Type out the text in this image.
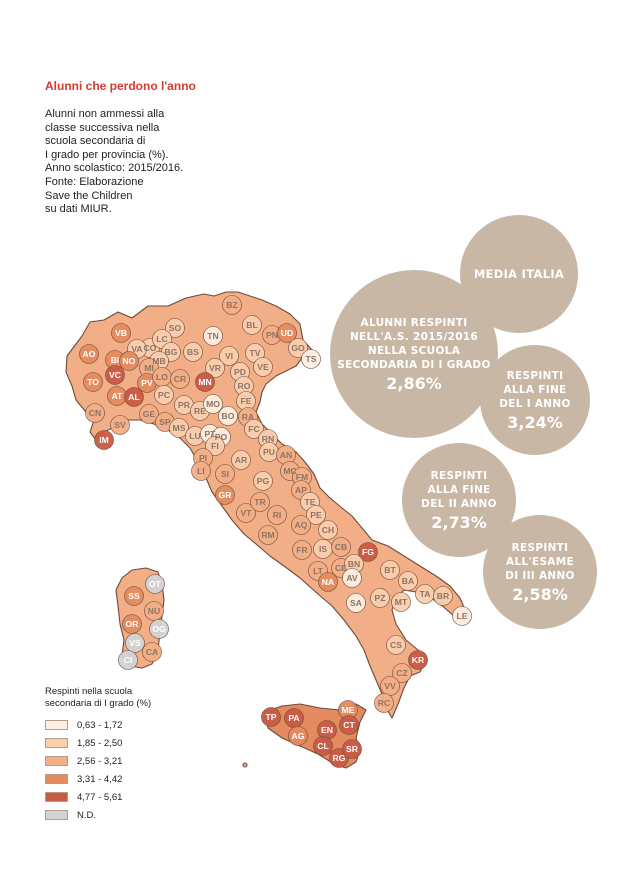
Alunni che perdono l'anno
Alunni non ammessi alla
classe successiva nella
scuola secondaria di
I grado per provincia (%).
Anno scolastico: 2015/2016.
Fonte: Elaborazione
Save the Children
su dati MIUR.
BZ
TN
BL
PN UD
GO
TS
VB	SO
CO
VA
LC
BG BS	VI TV
VE
AO
BI NO MB
MI	VR PD
TO
VC
PV
LO CR MN	RO
AT AL PC
CN	GE
PR
RE
MO
BO
FE
RA
SV
IM
SP
MS
LU PT PO
FI
FC
RN
PU
PI	AR
LI SI
PG
AN
MC
FM
AP
GR
VT
TR	TE
RI	PE
AQ CH
RM
FR IS CB FG
LT CE BN
AV
NA
SA PZ MT
BT
BA
TA BR
LE
OT
SS
NU
OR OG
VS
CI
CA
CS
KR
CZ
VV
RC
ME
TP PA
AG
EN CT
CL
RG
SR
MEDIA ITALIA
ALUNNI RESPINTI
NELL'A.S. 2015/2016
NELLA SCUOLA
SECONDARIA DI I GRADO
2,86%	RESPINTI
ALLA FINE
DEL I ANNO
3,24%
RESPINTI
ALLA FINE
DEL II ANNO
2,73%
RESPINTI
ALL'ESAME
DI III ANNO
2,58%
Respinti nella scuola
secondaria di I grado (%)
0,63 - 1,72
1,85 - 2,50
2,56 - 3,21
3,31 - 4,42
4,77 - 5,61
N.D.
